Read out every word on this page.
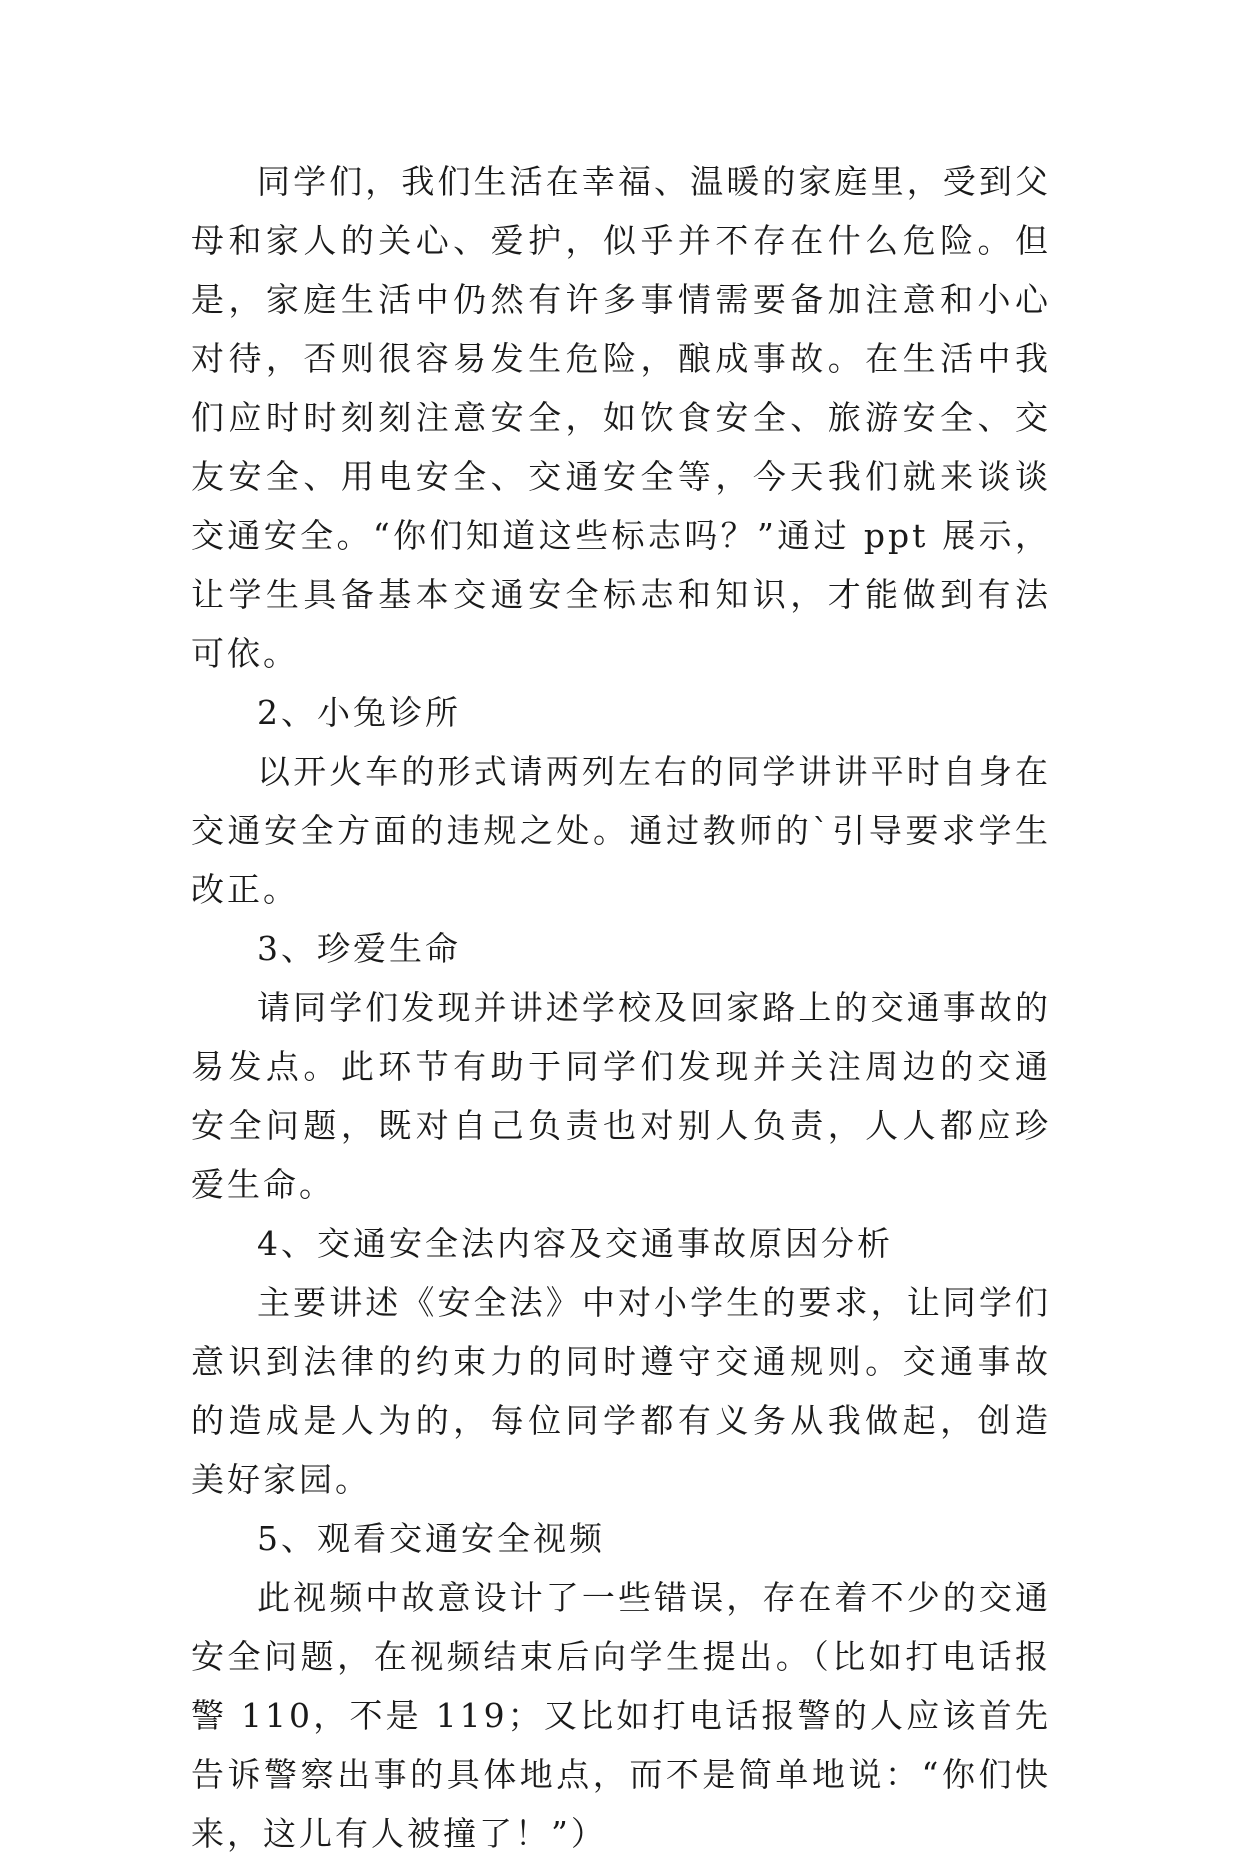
同学们，我们生活在幸福、温暖的家庭里，受到父母和家人的关心、爱护，似乎并不存在什么危险。但是，家庭生活中仍然有许多事情需要备加注意和小心对待，否则很容易发生危险，酿成事故。在生活中我们应时时刻刻注意安全，如饮食安全、旅游安全、交友安全、用电安全、交通安全等，今天我们就来谈谈交通安全。“你们知道这些标志吗？”通过 ppt 展示，让学生具备基本交通安全标志和知识，才能做到有法可依。

2、小兔诊所

以开火车的形式请两列左右的同学讲讲平时自身在交通安全方面的违规之处。通过教师的`引导要求学生改正。

3、珍爱生命

请同学们发现并讲述学校及回家路上的交通事故的易发点。此环节有助于同学们发现并关注周边的交通安全问题，既对自己负责也对别人负责，人人都应珍爱生命。

4、交通安全法内容及交通事故原因分析

主要讲述《安全法》中对小学生的要求，让同学们意识到法律的约束力的同时遵守交通规则。交通事故的造成是人为的，每位同学都有义务从我做起，创造美好家园。

5、观看交通安全视频

此视频中故意设计了一些错误，存在着不少的交通安全问题，在视频结束后向学生提出。（比如打电话报警 110，不是 119；又比如打电话报警的人应该首先告诉警察出事的具体地点，而不是简单地说：“你们快来，这儿有人被撞了！”）
